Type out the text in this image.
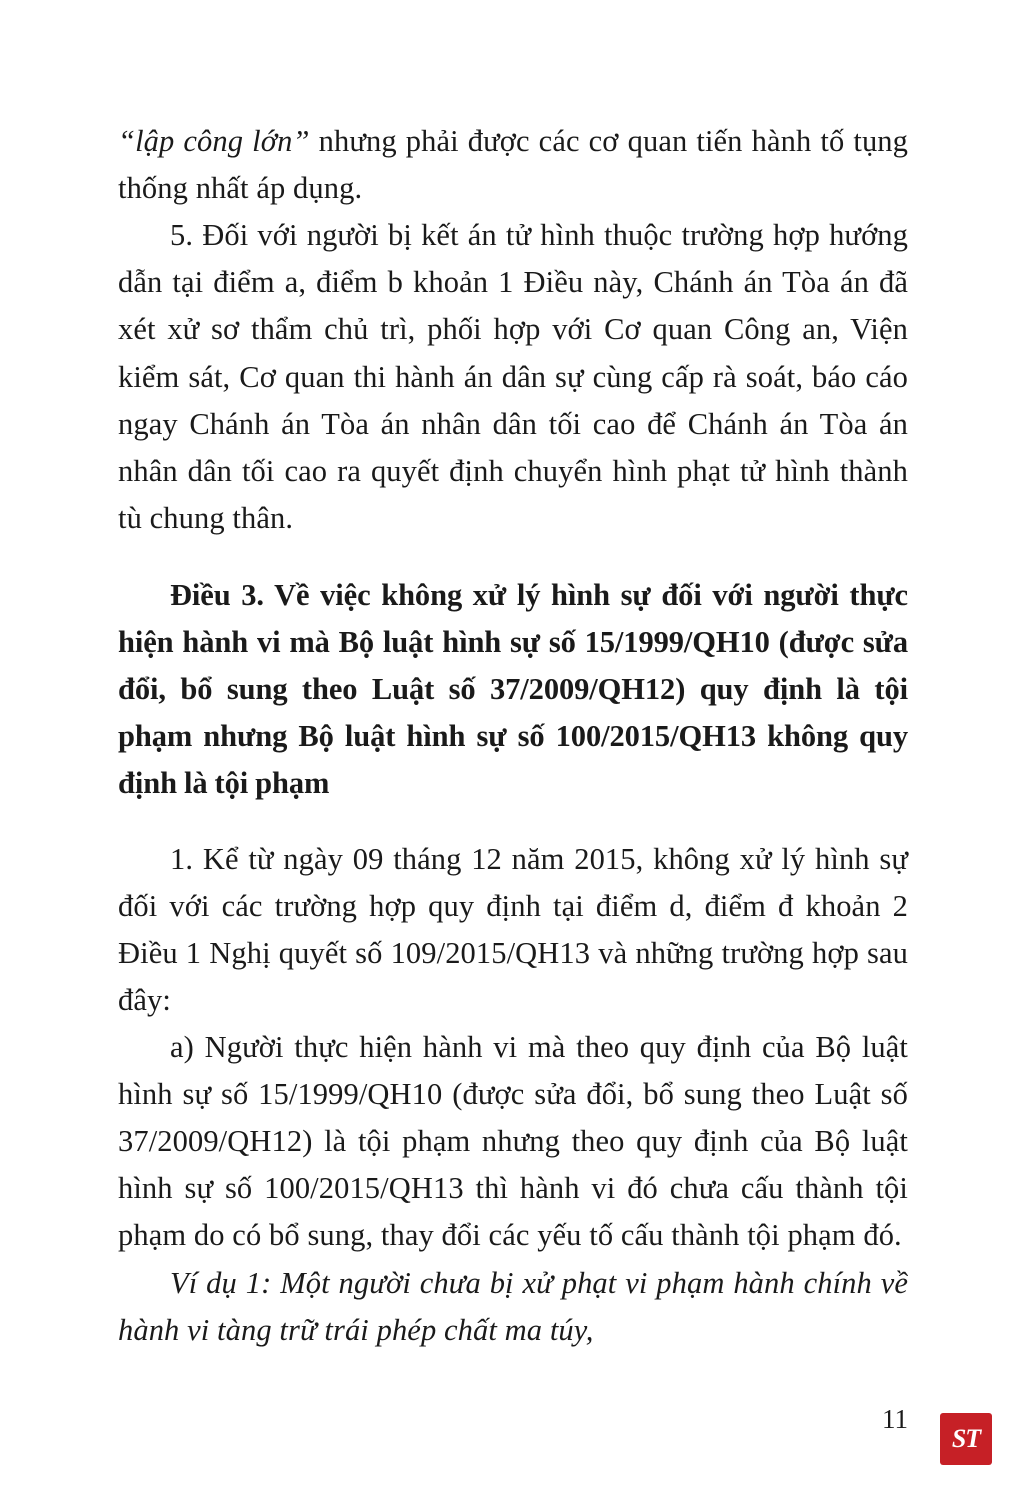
“lập công lớn” nhưng phải được các cơ quan tiến hành tố tụng thống nhất áp dụng.

5. Đối với người bị kết án tử hình thuộc trường hợp hướng dẫn tại điểm a, điểm b khoản 1 Điều này, Chánh án Tòa án đã xét xử sơ thẩm chủ trì, phối hợp với Cơ quan Công an, Viện kiểm sát, Cơ quan thi hành án dân sự cùng cấp rà soát, báo cáo ngay Chánh án Tòa án nhân dân tối cao để Chánh án Tòa án nhân dân tối cao ra quyết định chuyển hình phạt tử hình thành tù chung thân.

Điều 3. Về việc không xử lý hình sự đối với người thực hiện hành vi mà Bộ luật hình sự số 15/1999/QH10 (được sửa đổi, bổ sung theo Luật số 37/2009/QH12) quy định là tội phạm nhưng Bộ luật hình sự số 100/2015/QH13 không quy định là tội phạm

1. Kể từ ngày 09 tháng 12 năm 2015, không xử lý hình sự đối với các trường hợp quy định tại điểm d, điểm đ khoản 2 Điều 1 Nghị quyết số 109/2015/QH13 và những trường hợp sau đây:

a) Người thực hiện hành vi mà theo quy định của Bộ luật hình sự số 15/1999/QH10 (được sửa đổi, bổ sung theo Luật số 37/2009/QH12) là tội phạm nhưng theo quy định của Bộ luật hình sự số 100/2015/QH13 thì hành vi đó chưa cấu thành tội phạm do có bổ sung, thay đổi các yếu tố cấu thành tội phạm đó.

Ví dụ 1: Một người chưa bị xử phạt vi phạm hành chính về hành vi tàng trữ trái phép chất ma túy,

11
ST
